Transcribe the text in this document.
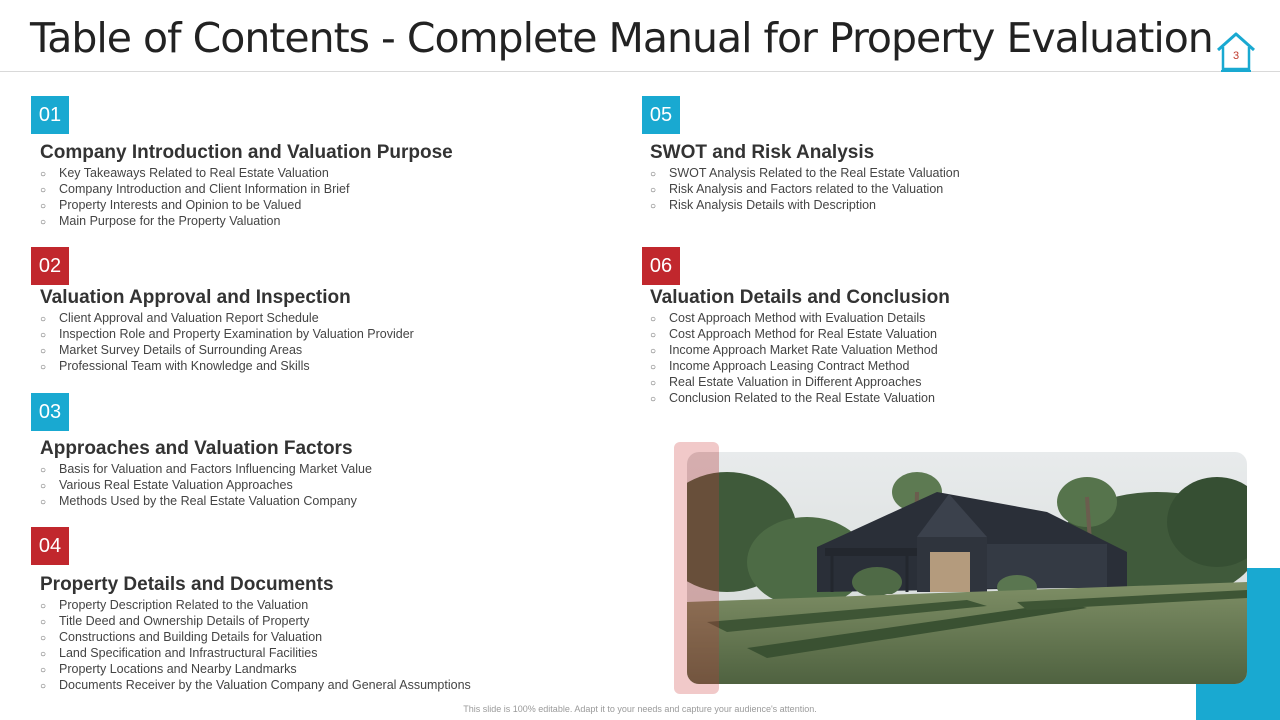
Table of Contents - Complete Manual for Property Evaluation	3
01
Company Introduction and Valuation Purpose
○ Key Takeaways Related to Real Estate Valuation
○ Company Introduction and Client Information in Brief
○ Property Interests and Opinion to be Valued
○ Main Purpose for the Property Valuation
02
Valuation Approval and Inspection
○ Client Approval and Valuation Report Schedule
○ Inspection Role and Property Examination by Valuation Provider
○ Market Survey Details of Surrounding Areas
○ Professional Team with Knowledge and Skills
03
Approaches and Valuation Factors
○ Basis for Valuation and Factors Influencing Market Value
○ Various Real Estate Valuation Approaches
○ Methods Used by the Real Estate Valuation Company
04
Property Details and Documents
○ Property Description Related to the Valuation
○ Title Deed and Ownership Details of Property
○ Constructions and Building Details for Valuation
○ Land Specification and Infrastructural Facilities
○ Property Locations and Nearby Landmarks
○ Documents Receiver by the Valuation Company and General Assumptions
05
SWOT and Risk Analysis
○ SWOT Analysis Related to the Real Estate Valuation
○ Risk Analysis and Factors related to the Valuation
○ Risk Analysis Details with Description
06
Valuation Details and Conclusion
○ Cost Approach Method with Evaluation Details
○ Cost Approach Method for Real Estate Valuation
○ Income Approach Market Rate Valuation Method
○ Income Approach Leasing Contract Method
○ Real Estate Valuation in Different Approaches
○ Conclusion Related to the Real Estate Valuation
This slide is 100% editable. Adapt it to your needs and capture your audience's attention.
